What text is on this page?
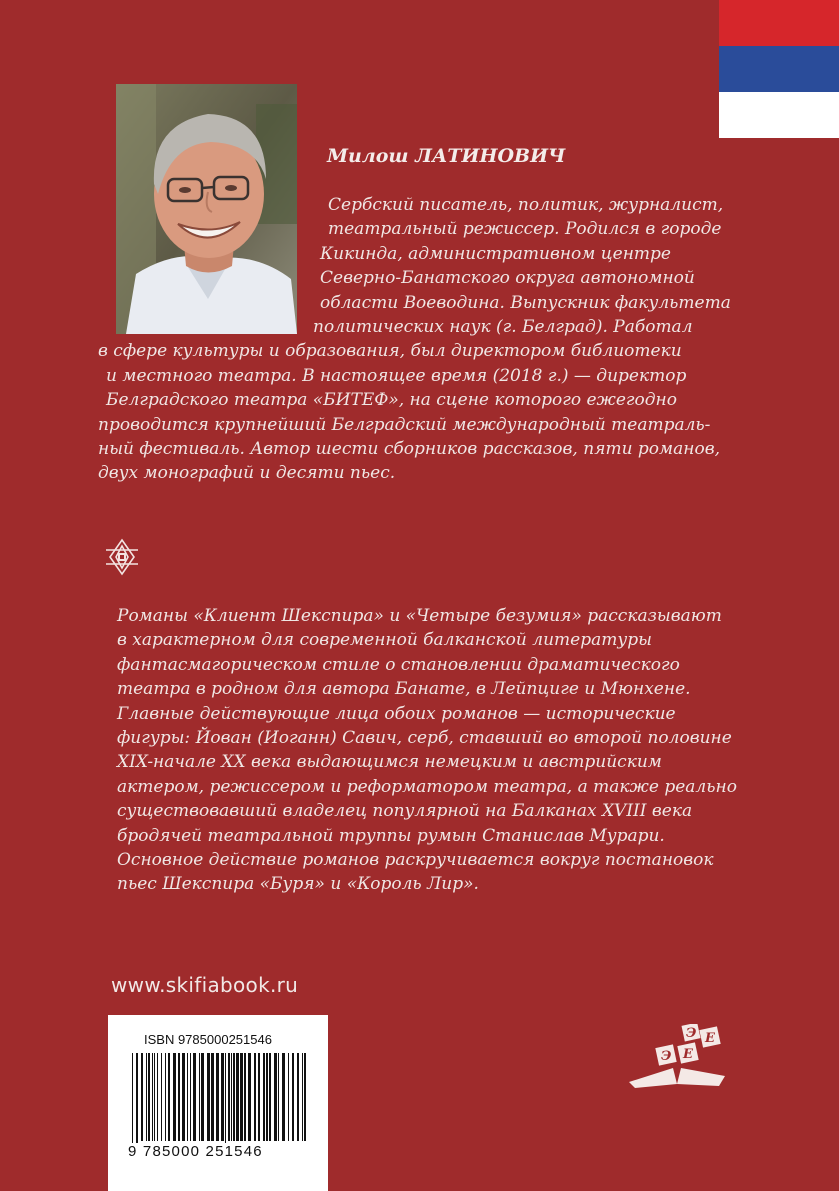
Милош ЛАТИНОВИЧ
Сербский писатель, политик, журналист,
театральный режиссер. Родился в городе
Кикинда, административном центре
Северно-Банатского округа автономной
области Воеводина. Выпускник факультета
политических наук (г. Белград). Работал
в сфере культуры и образования, был директором библиотеки
и местного театра. В настоящее время (2018 г.) — директор
Белградского театра «БИТЕФ», на сцене которого ежегодно
проводится крупнейший Белградский международный театраль-
ный фестиваль. Автор шести сборников рассказов, пяти романов,
двух монографий и десяти пьес.
Романы «Клиент Шекспира» и «Четыре безумия» рассказывают
в характерном для современной балканской литературы
фантасмагорическом стиле о становлении драматического
театра в родном для автора Банате, в Лейпциге и Мюнхене.
Главные действующие лица обоих романов — исторические
фигуры: Йован (Иоганн) Савич, серб, ставший во второй половине
XIX-начале XX века выдающимся немецким и австрийским
актером, режиссером и реформатором театра, а также реально
существовавший владелец популярной на Балканах XVIII века
бродячей театральной труппы румын Станислав Мурари.
Основное действие романов раскручивается вокруг постановок
пьес Шекспира «Буря» и «Король Лир».
www.skifiabook.ru
ISBN 9785000251546
9 785000 251546
Э Е
Е
Э
